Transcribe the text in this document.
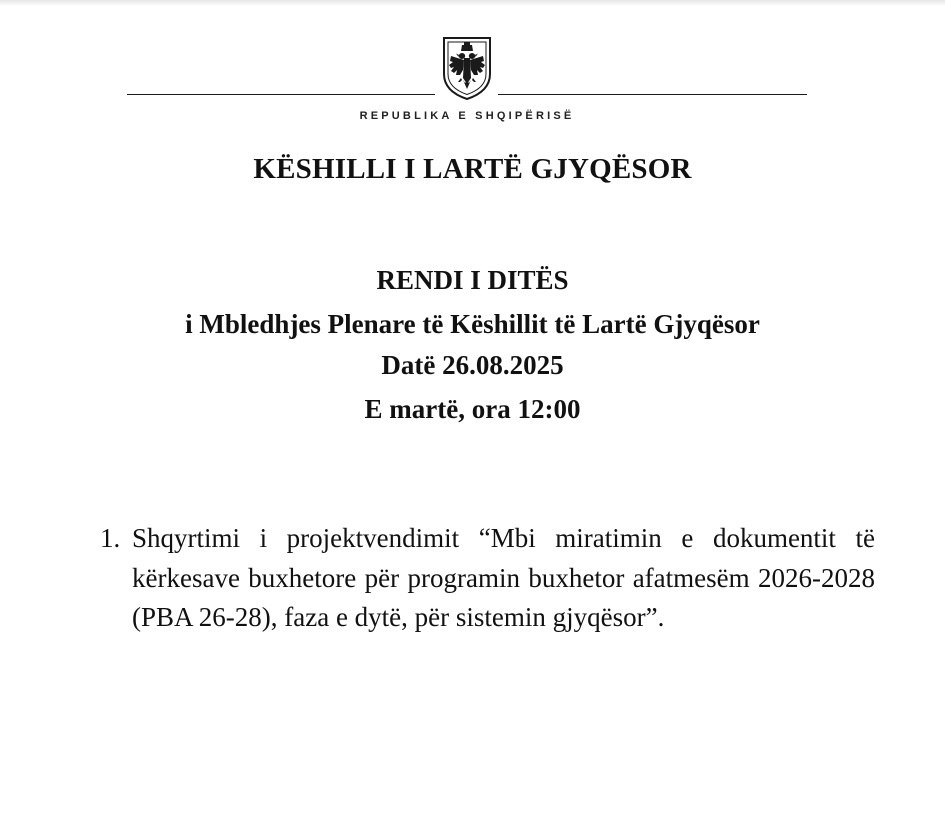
REPUBLIKA E SHQIPËRISË
KËSHILLI I LARTË GJYQËSOR
RENDI I DITËS
i Mbledhjes Plenare të Këshillit të Lartë Gjyqësor
Datë 26.08.2025
E martë, ora 12:00
1. Shqyrtimi i projektvendimit “Mbi miratimin e dokumentit të kërkesave buxhetore për programin buxhetor afatmesëm 2026-2028 (PBA 26-28), faza e dytë, për sistemin gjyqësor”.
